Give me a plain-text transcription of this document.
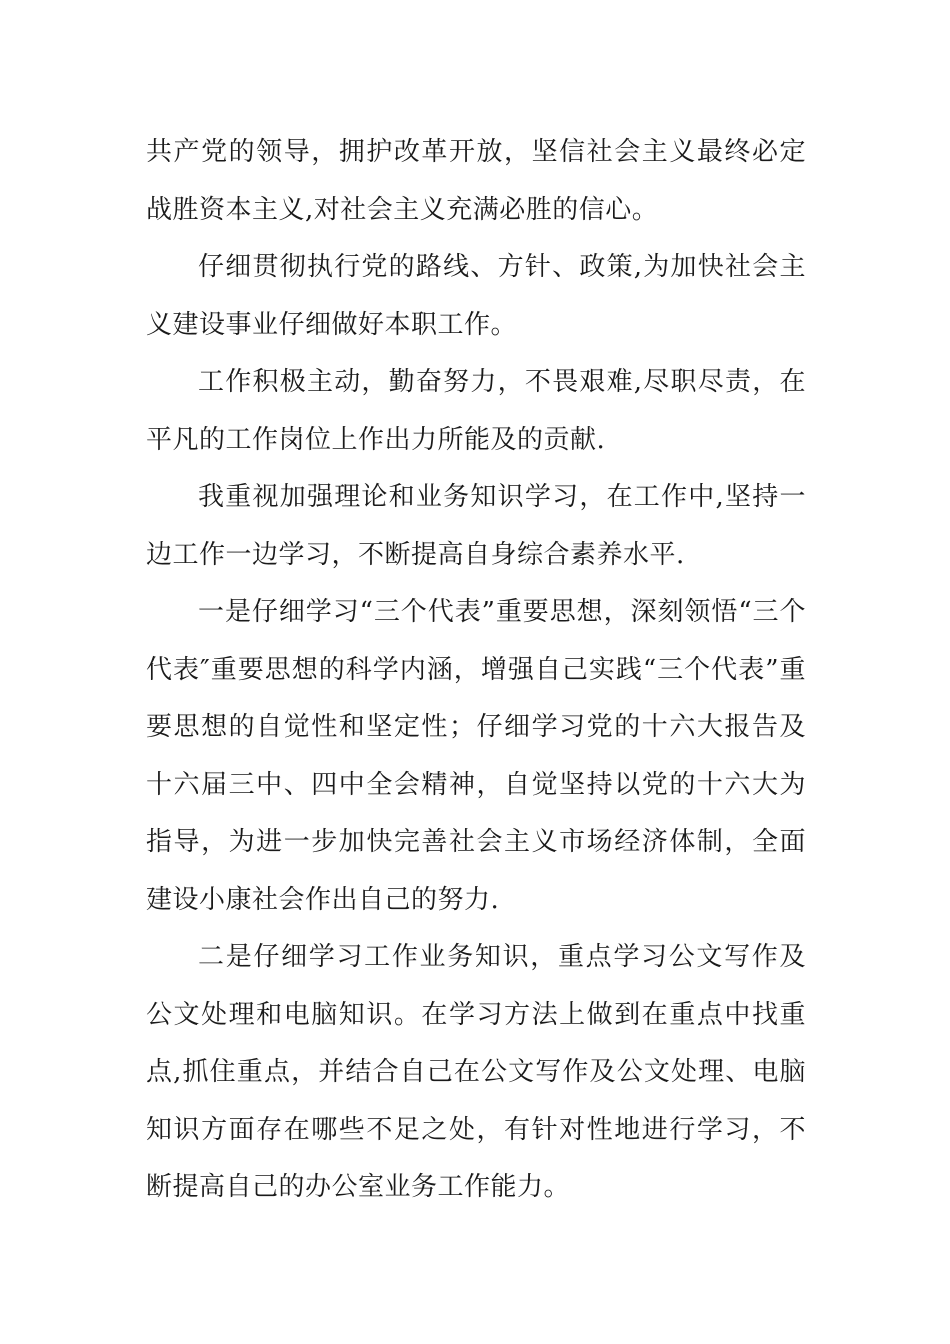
共产党的领导，拥护改革开放，坚信社会主义最终必定战胜资本主义,对社会主义充满必胜的信心。

仔细贯彻执行党的路线、方针、政策,为加快社会主义建设事业仔细做好本职工作。

工作积极主动，勤奋努力，不畏艰难,尽职尽责，在平凡的工作岗位上作出力所能及的贡献.

我重视加强理论和业务知识学习，在工作中,坚持一边工作一边学习，不断提高自身综合素养水平.

一是仔细学习“三个代表”重要思想，深刻领悟“三个代表″重要思想的科学内涵，增强自己实践“三个代表”重要思想的自觉性和坚定性；仔细学习党的十六大报告及十六届三中、四中全会精神，自觉坚持以党的十六大为指导，为进一步加快完善社会主义市场经济体制，全面建设小康社会作出自己的努力.

二是仔细学习工作业务知识，重点学习公文写作及公文处理和电脑知识。在学习方法上做到在重点中找重点,抓住重点，并结合自己在公文写作及公文处理、电脑知识方面存在哪些不足之处，有针对性地进行学习，不断提高自己的办公室业务工作能力。
